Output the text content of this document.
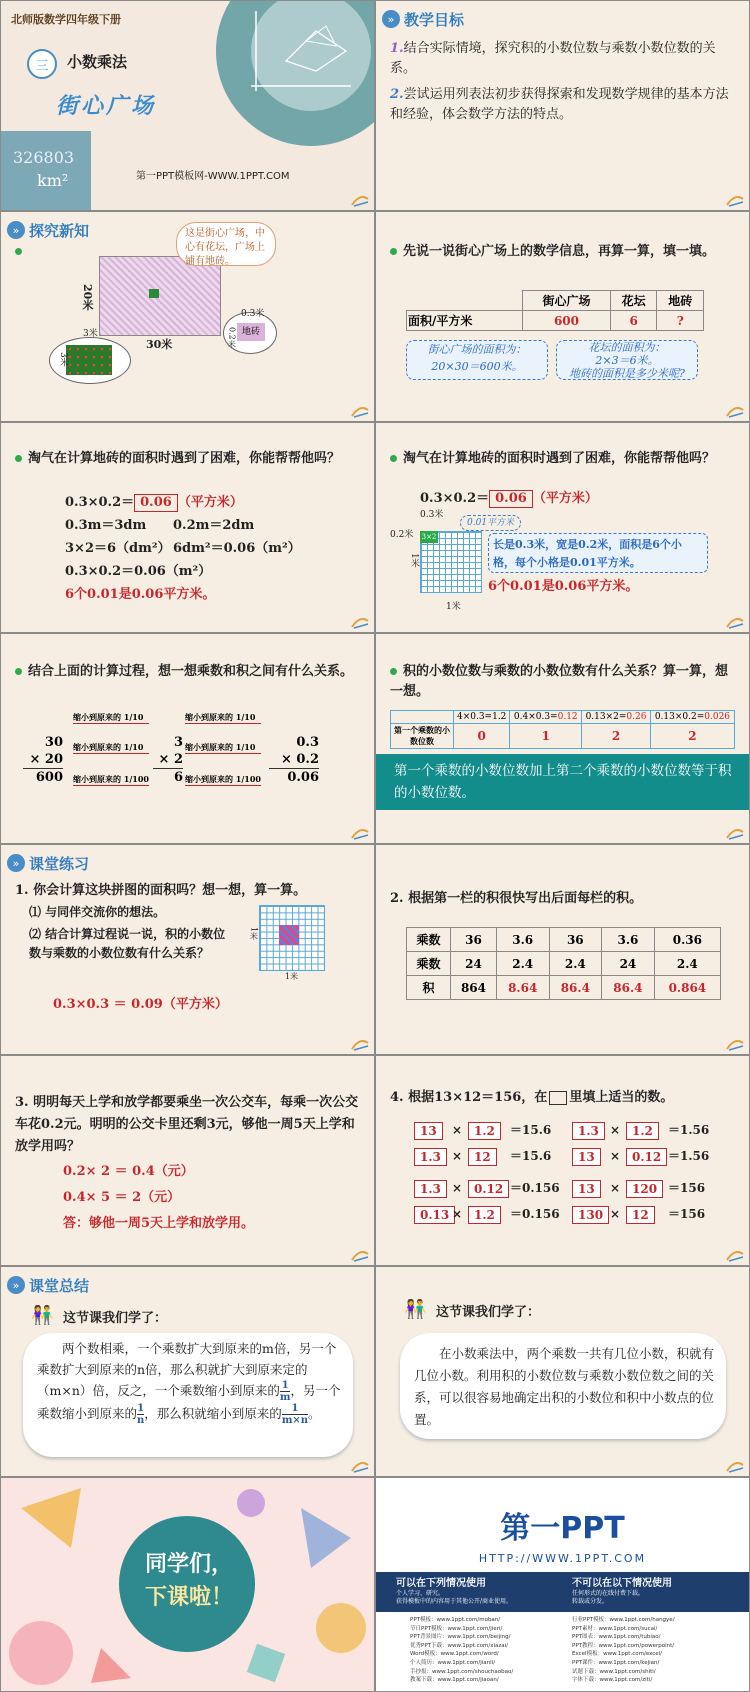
北师版数学四年级下册
三	小数乘法
街心广场
326803
km²	第一PPT模板网-WWW.1PPT.COM
» 教学目标
1.结合实际情境，探究积的小数位数与乘数小数位数的关系。
2.尝试运用列表法初步获得探索和发现数学规律的基本方法和经验，体会数学方法的特点。
» 探究新知
20米
30米
这是街心广场，中心有花坛，广场上铺有地砖。
3米
3米
0.3米
0.2米 地砖
先说一说街心广场上的数学信息，再算一算，填一填。
	街心广场	花坛	地砖
面积/平方米	600	6	?
街心广场的面积为：
20×30＝600米。
花坛的面积为：
2×3＝6米。
地砖的面积是多少米呢?
淘气在计算地砖的面积时遇到了困难，你能帮帮他吗？
0.3×0.2＝ 0.06 （平方米）
0.3m＝3dm 0.2m＝2dm
3×2＝6（dm²） 6dm²＝0.06（m²）
0.3×0.2＝0.06（m²）
6个0.01是0.06平方米。
淘气在计算地砖的面积时遇到了困难，你能帮帮他吗？
0.3×0.2＝ 0.06 （平方米）
0.3米
0.2米
1米
1米
3×2
0.01平方米
长是0.3米，宽是0.2米，面积是6个小格，每个小格是0.01平方米。
6个0.01是0.06平方米。
结合上面的计算过程，想一想乘数和积之间有什么关系。
30
× 20
600
3
× 2
6
0.3
× 0.2
0.06
缩小到原来的 1/10
缩小到原来的 1/10
缩小到原来的 1/100
缩小到原来的 1/10
缩小到原来的 1/10
缩小到原来的 1/100
积的小数位数与乘数的小数位数有什么关系？算一算，想一想。
	4×0.3=1.2	0.4×0.3=0.12	0.13×2=0.26	0.13×0.2=0.026
第一个乘数的小数位数	0	1	2	2
第一个乘数的小数位数加上第二个乘数的小数位数等于积的小数位数。
» 课堂练习
1. 你会计算这块拼图的面积吗？想一想，算一算。
⑴ 与同伴交流你的想法。
⑵ 结合计算过程说一说，积的小数位数与乘数的小数位数有什么关系？
1米
1米
0.3×0.3 ＝ 0.09（平方米）
2. 根据第一栏的积很快写出后面每栏的积。
乘数	36	3.6	36	3.6	0.36
乘数	24	2.4	2.4	24	2.4
积	864	8.64	86.4	86.4	0.864
3. 明明每天上学和放学都要乘坐一次公交车，每乘一次公交车花0.2元。明明的公交卡里还剩3元，够他一周5天上学和放学用吗？
0.2× 2 ＝ 0.4（元）
0.4× 5 ＝ 2（元）
答：够他一周5天上学和放学用。
4. 根据13×12＝156，在 里填上适当的数。
13	× 1.2	＝15.6
1.3 × 12	＝15.6
1.3 × 0.12 ＝0.156
0.13 × 1.2	＝0.156
1.3 × 1.2	＝1.56
13	× 0.12 ＝1.56
13	× 120 ＝156
130 × 12	＝156
» 课堂总结
👫 这节课我们学了：
两个数相乘，一个乘数扩大到原来的m倍，另一个乘数扩大到原来的n倍，那么积就扩大到原来定的（m×n）倍，反之，一个乘数缩小到原来的 $\frac{1}{m}$ ，另一个乘数缩小到原来的 $\frac{1}{n}$ ，那么积就缩小到原来的 $\frac{1}{m\times n}$ 。
👫 这节课我们学了：
在小数乘法中，两个乘数一共有几位小数，积就有几位小数。利用积的小数位数与乘数小数位数之间的关系，可以很容易地确定出积的小数位和积中小数点的位置。
同学们，
下课啦！
第一PPT
HTTP://WWW.1PPT.COM
可以在下列情况使用
个人学习、研究。
获得模板中的内容用于其他公开/商业使用。
不可以在以下情况使用
任何形式的在线付费下载。
转载或分发。
PPT模板：www.1ppt.com/moban/
节日PPT模板：www.1ppt.com/jieri/
PPT背景图片：www.1ppt.com/beijing/
优秀PPT下载：www.1ppt.com/xiazai/
Word模板：www.1ppt.com/word/
个人简历：www.1ppt.com/jianli/
手抄报：www.1ppt.com/shouchaobao/
教案下载：www.1ppt.com/jiaoan/
行业PPT模板：www.1ppt.com/hangye/
PPT素材：www.1ppt.com/sucai/
PPT图表：www.1ppt.com/tubiao/
PPT教程：www.1ppt.com/powerpoint/
Excel模板：www.1ppt.com/excel/
PPT课件：www.1ppt.com/kejian/
试题下载：www.1ppt.com/shiti/
字体下载：www.1ppt.com/ziti/
